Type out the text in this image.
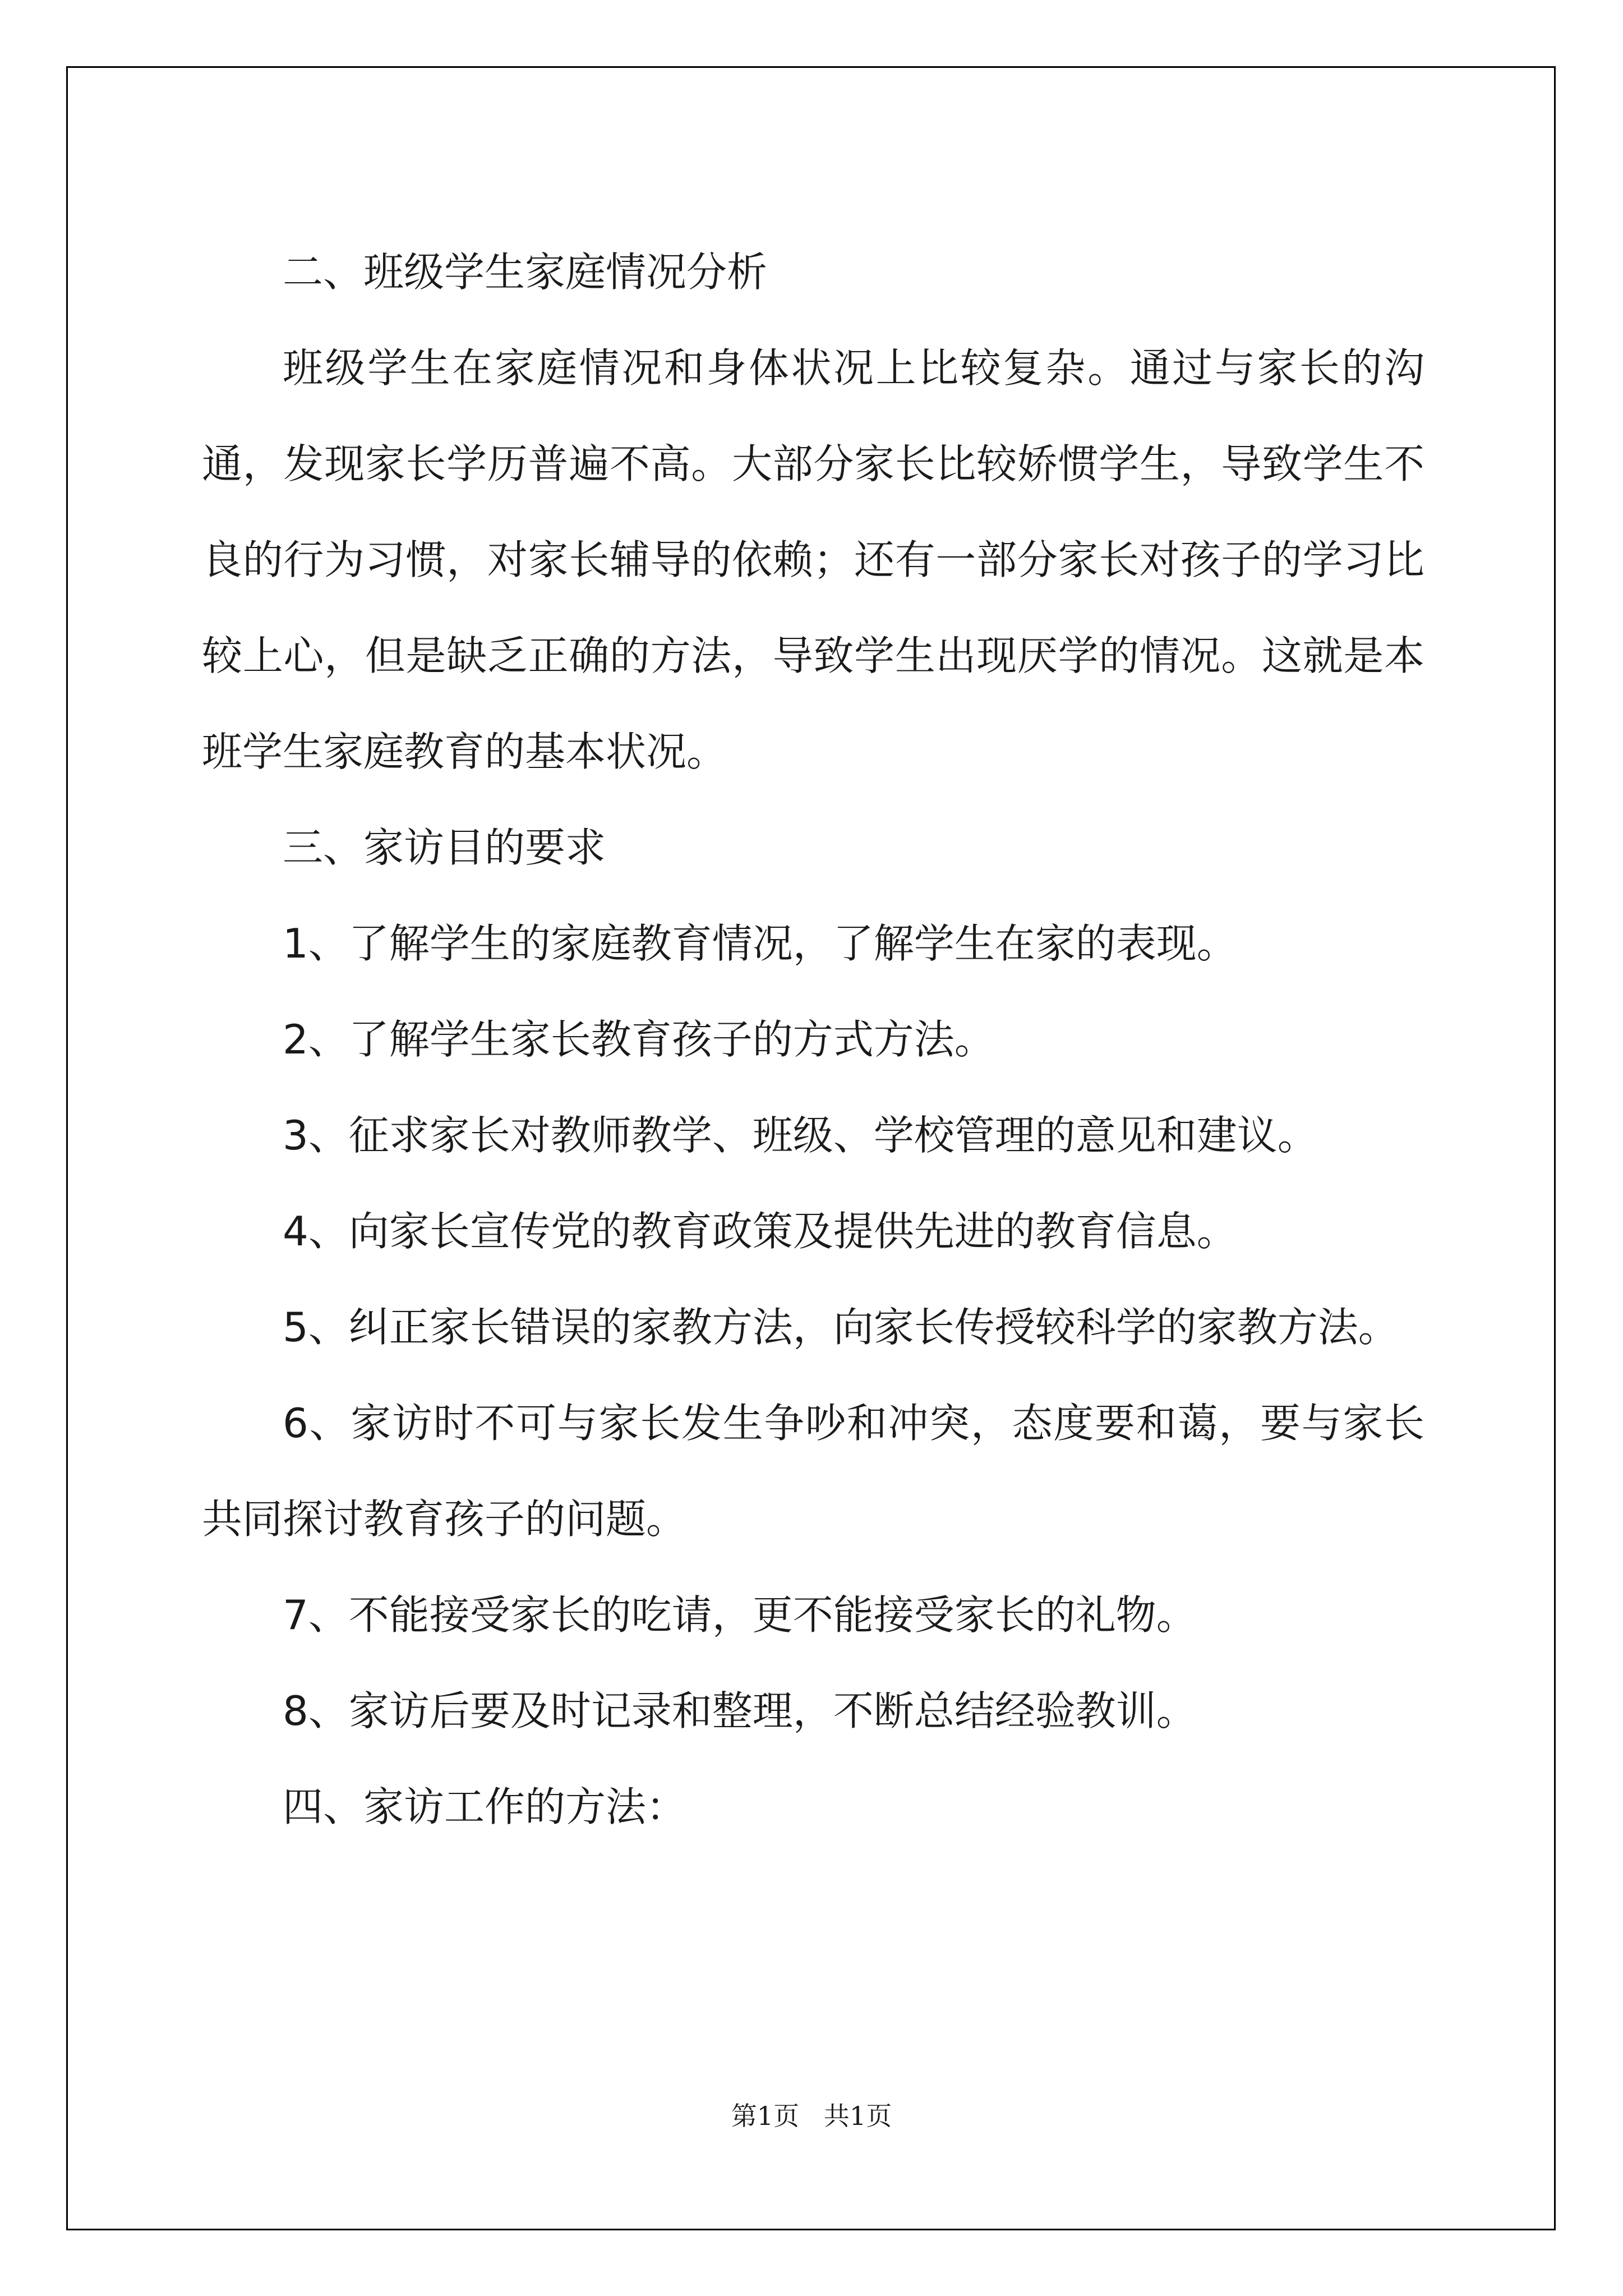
二、班级学生家庭情况分析

班级学生在家庭情况和身体状况上比较复杂。通过与家长的沟通，发现家长学历普遍不高。大部分家长比较娇惯学生，导致学生不良的行为习惯，对家长辅导的依赖；还有一部分家长对孩子的学习比较上心，但是缺乏正确的方法，导致学生出现厌学的情况。这就是本班学生家庭教育的基本状况。

三、家访目的要求

1、了解学生的家庭教育情况，了解学生在家的表现。

2、了解学生家长教育孩子的方式方法。

3、征求家长对教师教学、班级、学校管理的意见和建议。

4、向家长宣传党的教育政策及提供先进的教育信息。

5、纠正家长错误的家教方法，向家长传授较科学的家教方法。

6、家访时不可与家长发生争吵和冲突，态度要和蔼，要与家长共同探讨教育孩子的问题。

7、不能接受家长的吃请，更不能接受家长的礼物。

8、家访后要及时记录和整理，不断总结经验教训。

四、家访工作的方法：

第1页   共1页
